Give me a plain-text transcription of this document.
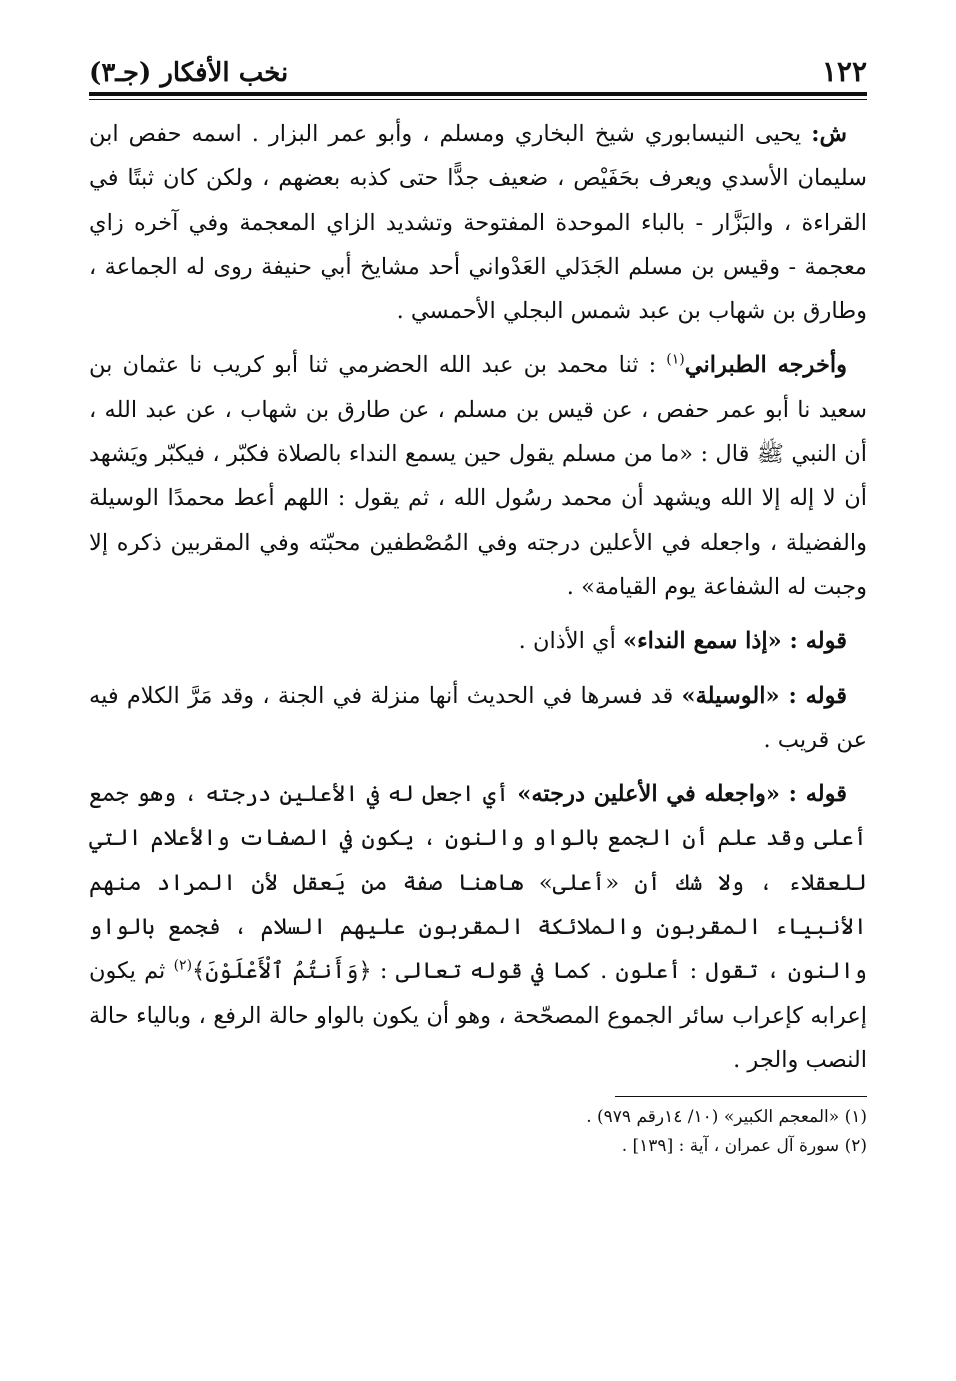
١٢٢
نخب الأفكار (جـ٣)

ش: يحيى النيسابوري شيخ البخاري ومسلم ، وأبو عمر البزار . اسمه حفص ابن سليمان الأسدي ويعرف بحَفَيْص ، ضعيف جدًّا حتى كذبه بعضهم ، ولكن كان ثبتًا في القراءة ، والبَزَّار - بالباء الموحدة المفتوحة وتشديد الزاي المعجمة وفي آخره زاي معجمة - وقيس بن مسلم الجَدَلي العَدْواني أحد مشايخ أبي حنيفة روى له الجماعة ، وطارق بن شهاب بن عبد شمس البجلي الأحمسي .

وأخرجه الطبراني$^{(١)}$ : ثنا محمد بن عبد الله الحضرمي ثنا أبو كريب نا عثمان بن سعيد نا أبو عمر حفص ، عن قيس بن مسلم ، عن طارق بن شهاب ، عن عبد الله ، أن النبي ﷺ قال : «ما من مسلم يقول حين يسمع النداء بالصلاة فكبّر ، فيكبّر ويَشهد أن لا إله إلا الله ويشهد أن محمد رسُول الله ، ثم يقول : اللهم أعط محمدًا الوسيلة والفضيلة ، واجعله في الأعلين درجته وفي المُصْطفين محبّته وفي المقربين ذكره إلا وجبت له الشفاعة يوم القيامة» .

قوله : «إذا سمع النداء» أي الأذان .

قوله : «الوسيلة» قد فسرها في الحديث أنها منزلة في الجنة ، وقد مَرَّ الكلام فيه عن قريب .

قوله : «واجعله في الأعلين درجته» أي اجعل له في الأعلين درجته ، وهو جمع أعلى وقد علم أن الجمع بالواو والنون ، يكون في الصفات والأعلام التي للعقلاء ، ولا شك أن «أعلى» هاهنا صفة من يَعقل لأن المراد منهم الأنبياء المقربون والملائكة المقربون عليهم السلام ، فجمع بالواو والنون ، تقول : أعلون . كما في قوله تعالى : ﴿وَأَنتُمُ ٱلْأَعْلَوْنَ﴾$^{(٢)}$ ثم يكون إعرابه كإعراب سائر الجموع المصحّحة ، وهو أن يكون بالواو حالة الرفع ، وبالياء حالة النصب والجر .

(١) «المعجم الكبير» (١٠/ ١٤رقم ٩٧٩) .
(٢) سورة آل عمران ، آية : [١٣٩] .
